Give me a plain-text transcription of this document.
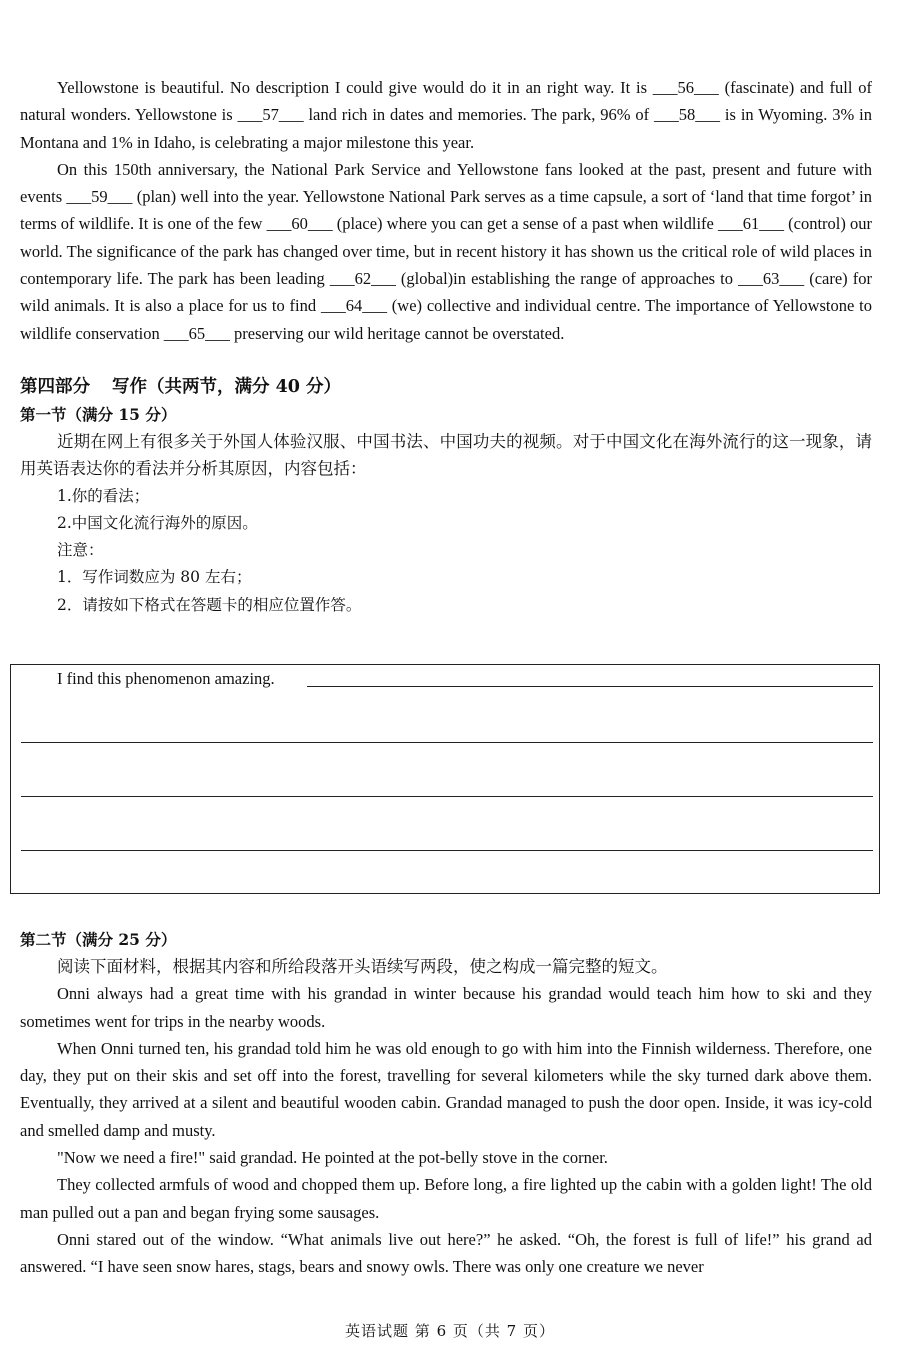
Yellowstone is beautiful. No description I could give would do it in an right way. It is ___56___ (fascinate) and full of natural wonders. Yellowstone is ___57___ land rich in dates and memories. The park, 96% of ___58___ is in Wyoming. 3% in Montana and 1% in Idaho, is celebrating a major milestone this year.

On this 150th anniversary, the National Park Service and Yellowstone fans looked at the past, present and future with events ___59___ (plan) well into the year. Yellowstone National Park serves as a time capsule, a sort of ‘land that time forgot’ in terms of wildlife. It is one of the few ___60___ (place) where you can get a sense of a past when wildlife ___61___ (control) our world. The significance of the park has changed over time, but in recent history it has shown us the critical role of wild places in contemporary life. The park has been leading ___62___ (global)in establishing the range of approaches to ___63___ (care) for wild animals. It is also a place for us to find ___64___ (we) collective and individual centre. The importance of Yellowstone to wildlife conservation ___65___ preserving our wild heritage cannot be overstated.

第四部分 写作（共两节，满分 40 分）
第一节（满分 15 分）

近期在网上有很多关于外国人体验汉服、中国书法、中国功夫的视频。对于中国文化在海外流行的这一现象，请用英语表达你的看法并分析其原因，内容包括：

1.你的看法；

2.中国文化流行海外的原因。

注意：

1．写作词数应为 80 左右；

2．请按如下格式在答题卡的相应位置作答。

I find this phenomenon amazing.
第二节（满分 25 分）

阅读下面材料，根据其内容和所给段落开头语续写两段，使之构成一篇完整的短文。

Onni always had a great time with his grandad in winter because his grandad would teach him how to ski and they sometimes went for trips in the nearby woods.

When Onni turned ten, his grandad told him he was old enough to go with him into the Finnish wilderness. Therefore, one day, they put on their skis and set off into the forest, travelling for several kilometers while the sky turned dark above them. Eventually, they arrived at a silent and beautiful wooden cabin. Grandad managed to push the door open. Inside, it was icy-cold and smelled damp and musty.

"Now we need a fire!" said grandad. He pointed at the pot-belly stove in the corner.

They collected armfuls of wood and chopped them up. Before long, a fire lighted up the cabin with a golden light! The old man pulled out a pan and began frying some sausages.

Onni stared out of the window. “What animals live out here?” he asked. “Oh, the forest is full of life!” his grand ad answered. “I have seen snow hares, stags, bears and snowy owls. There was only one creature we never

英语试题 第 6 页（共 7 页）
